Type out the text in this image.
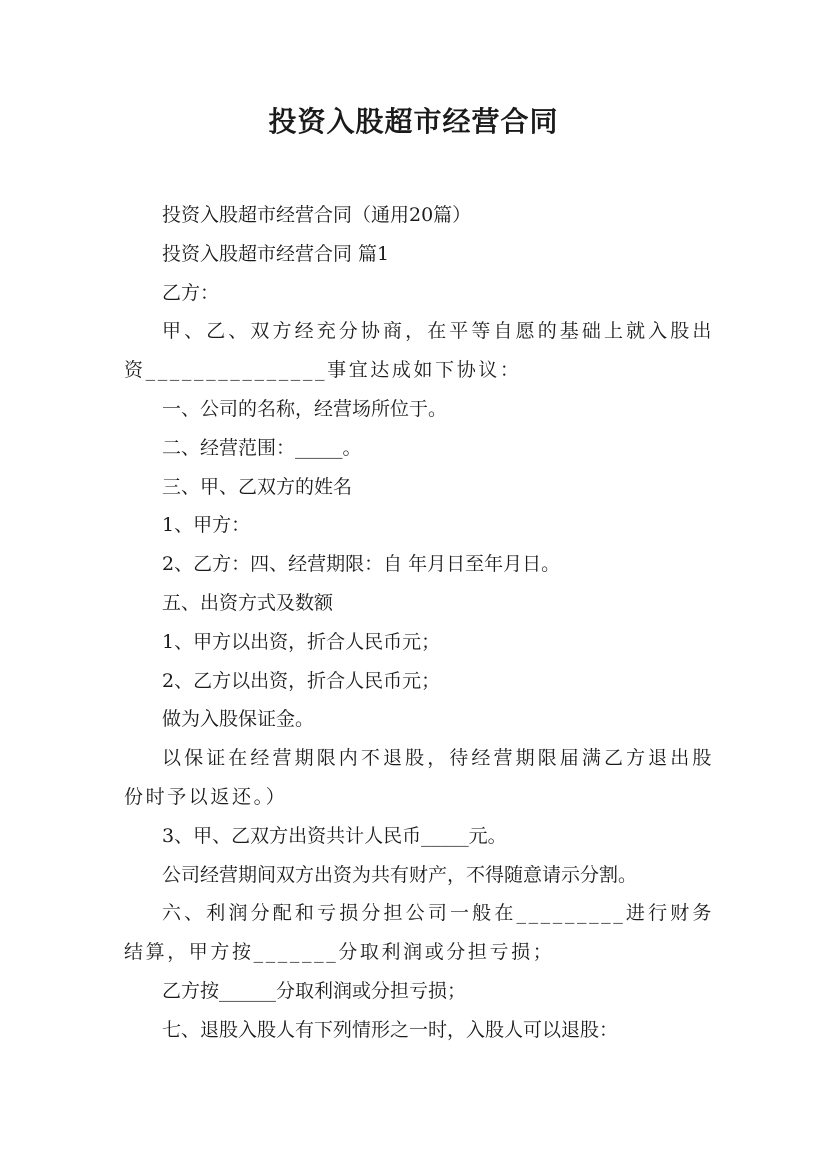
投资入股超市经营合同

投资入股超市经营合同（通用20篇）

投资入股超市经营合同 篇1

乙方：

甲、乙、双方经充分协商，在平等自愿的基础上就入股出资_______________事宜达成如下协议：

一、公司的名称，经营场所位于。

二、经营范围：_____。

三、甲、乙双方的姓名

1、甲方：

2、乙方：四、经营期限：自 年月日至年月日。

五、出资方式及数额

1、甲方以出资，折合人民币元；

2、乙方以出资，折合人民币元；

做为入股保证金。

以保证在经营期限内不退股，待经营期限届满乙方退出股份时予以返还。）

3、甲、乙双方出资共计人民币_____元。

公司经营期间双方出资为共有财产，不得随意请示分割。

六、利润分配和亏损分担公司一般在_________进行财务结算，甲方按_______分取利润或分担亏损；

乙方按______分取利润或分担亏损；

七、退股入股人有下列情形之一时，入股人可以退股：
